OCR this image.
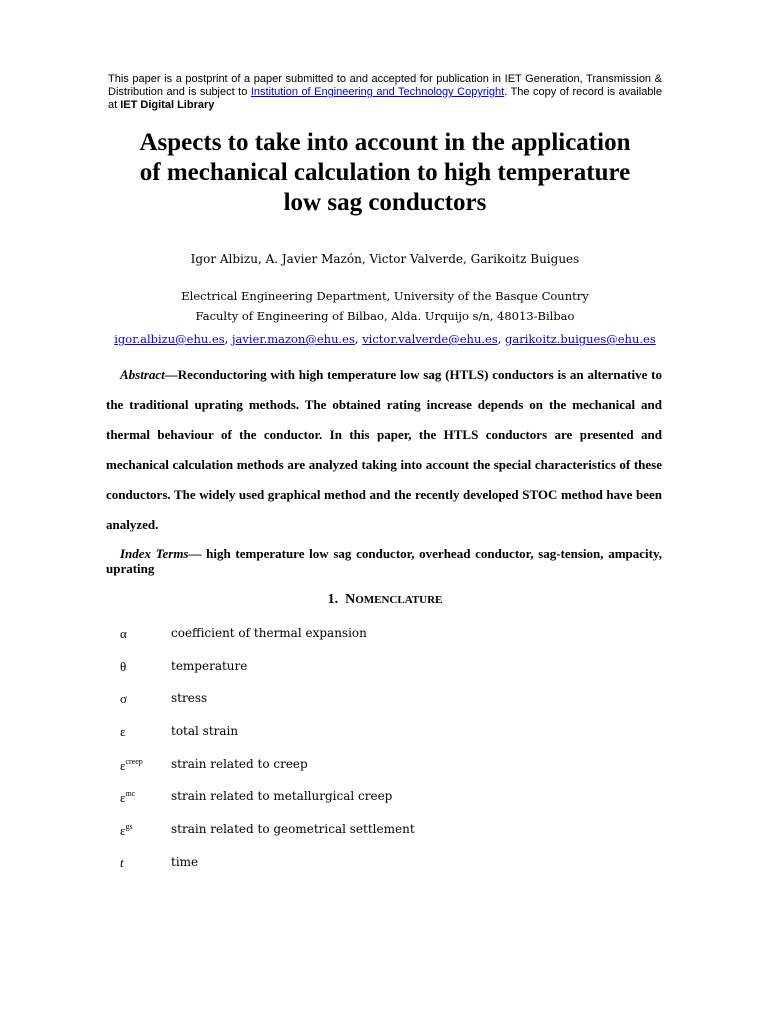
This paper is a postprint of a paper submitted to and accepted for publication in IET Generation, Transmission & Distribution and is subject to Institution of Engineering and Technology Copyright. The copy of record is available at IET Digital Library
Aspects to take into account in the application
of mechanical calculation to high temperature
low sag conductors
Igor Albizu, A. Javier Mazón, Victor Valverde, Garikoitz Buigues
Electrical Engineering Department, University of the Basque Country
Faculty of Engineering of Bilbao, Alda. Urquijo s/n, 48013-Bilbao
igor.albizu@ehu.es, javier.mazon@ehu.es, victor.valverde@ehu.es, garikoitz.buigues@ehu.es

Abstract—Reconductoring with high temperature low sag (HTLS) conductors is an alternative to the traditional uprating methods. The obtained rating increase depends on the mechanical and thermal behaviour of the conductor. In this paper, the HTLS conductors are presented and mechanical calculation methods are analyzed taking into account the special characteristics of these conductors. The widely used graphical method and the recently developed STOC method have been analyzed.

Index Terms— high temperature low sag conductor, overhead conductor, sag-tension, ampacity, uprating

1. NOMENCLATURE
α	coefficient of thermal expansion
θ	temperature
σ	stress
ε	total strain
$\varepsilon^{creep}$ strain related to creep
$\varepsilon^{mc}$	strain related to metallurgical creep
$\varepsilon^{gs}$	strain related to geometrical settlement
t	time
